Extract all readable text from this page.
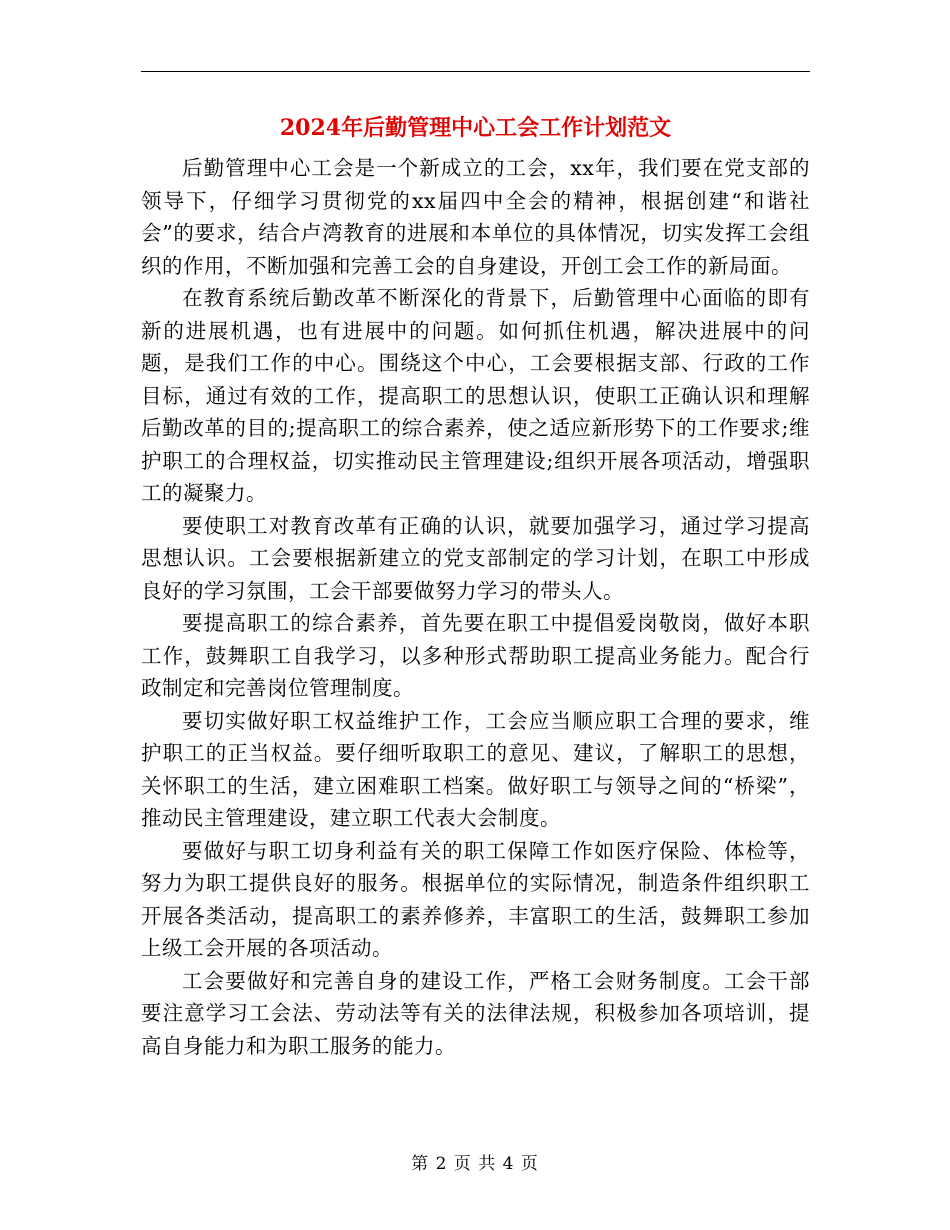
2024年后勤管理中心工会工作计划范文

后勤管理中心工会是一个新成立的工会，xx年，我们要在党支部的领导下，仔细学习贯彻党的xx届四中全会的精神，根据创建“和谐社会”的要求，结合卢湾教育的进展和本单位的具体情况，切实发挥工会组织的作用，不断加强和完善工会的自身建设，开创工会工作的新局面。

在教育系统后勤改革不断深化的背景下，后勤管理中心面临的即有新的进展机遇，也有进展中的问题。如何抓住机遇，解决进展中的问题，是我们工作的中心。围绕这个中心，工会要根据支部、行政的工作目标，通过有效的工作，提高职工的思想认识，使职工正确认识和理解后勤改革的目的;提高职工的综合素养，使之适应新形势下的工作要求;维护职工的合理权益，切实推动民主管理建设;组织开展各项活动，增强职工的凝聚力。

要使职工对教育改革有正确的认识，就要加强学习，通过学习提高思想认识。工会要根据新建立的党支部制定的学习计划，在职工中形成良好的学习氛围，工会干部要做努力学习的带头人。

要提高职工的综合素养，首先要在职工中提倡爱岗敬岗，做好本职工作，鼓舞职工自我学习，以多种形式帮助职工提高业务能力。配合行政制定和完善岗位管理制度。

要切实做好职工权益维护工作，工会应当顺应职工合理的要求，维护职工的正当权益。要仔细听取职工的意见、建议，了解职工的思想，关怀职工的生活，建立困难职工档案。做好职工与领导之间的“桥梁”，推动民主管理建设，建立职工代表大会制度。

要做好与职工切身利益有关的职工保障工作如医疗保险、体检等，努力为职工提供良好的服务。根据单位的实际情况，制造条件组织职工开展各类活动，提高职工的素养修养，丰富职工的生活，鼓舞职工参加上级工会开展的各项活动。

工会要做好和完善自身的建设工作，严格工会财务制度。工会干部要注意学习工会法、劳动法等有关的法律法规，积极参加各项培训，提高自身能力和为职工服务的能力。

第 2 页 共 4 页
